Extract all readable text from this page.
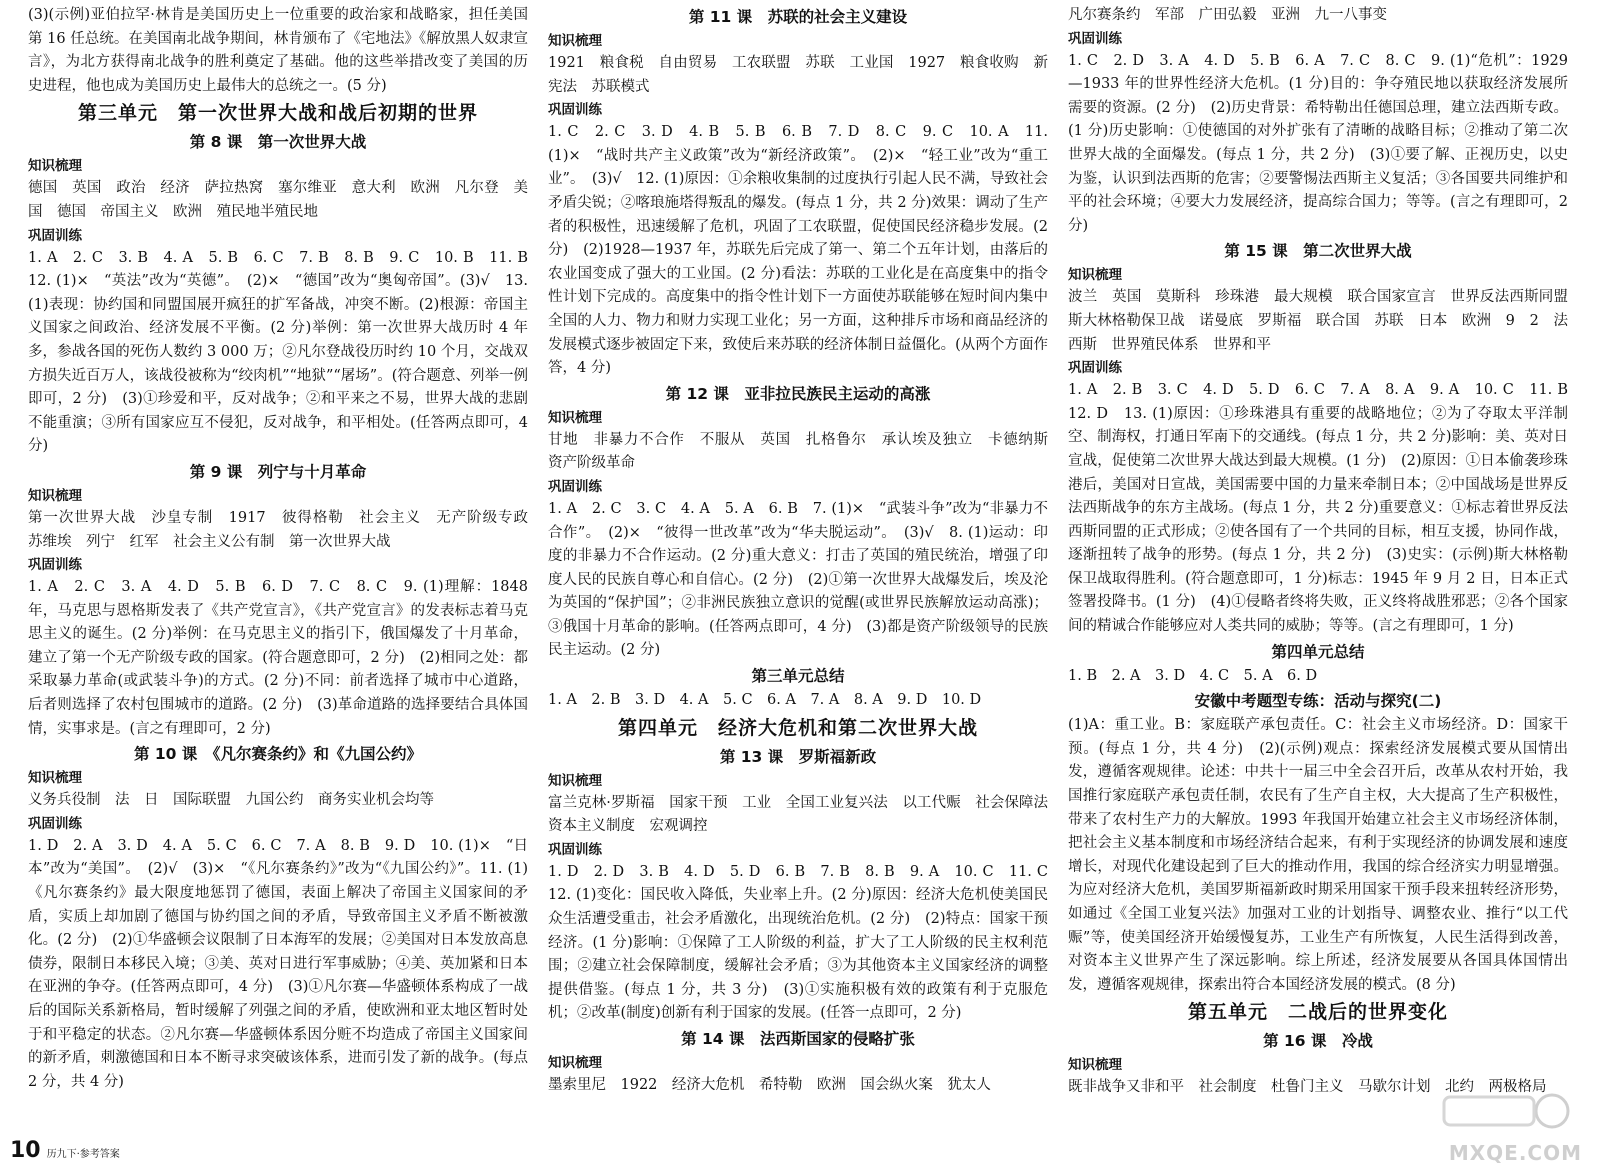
(3)(示例)亚伯拉罕·林肯是美国历史上一位重要的政治家和战略家，担任美国第 16 任总统。在美国南北战争期间，林肯颁布了《宅地法》《解放黑人奴隶宣言》，为北方获得南北战争的胜利奠定了基础。他的这些举措改变了美国的历史进程，他也成为美国历史上最伟大的总统之一。(5 分)

第三单元　第一次世界大战和战后初期的世界
第 8 课　第一次世界大战
知识梳理

德国　英国　政治　经济　萨拉热窝　塞尔维亚　意大利　欧洲　凡尔登　美国　德国　帝国主义　欧洲　殖民地半殖民地

巩固训练

1. A　2. C　3. B　4. A　5. B　6. C　7. B　8. B　9. C　10. B　11. B　12. (1)×　“英法”改为“英德”。　(2)×　“德国”改为“奥匈帝国”。(3)√　13. (1)表现：协约国和同盟国展开疯狂的扩军备战，冲突不断。(2)根源：帝国主义国家之间政治、经济发展不平衡。(2 分)举例：第一次世界大战历时 4 年多，参战各国的死伤人数约 3 000 万；②凡尔登战役历时约 10 个月，交战双方损失近百万人，该战役被称为“绞肉机”“地狱”“屠场”。(符合题意、列举一例即可，2 分)　(3)①珍爱和平，反对战争；②和平来之不易，世界大战的悲剧不能重演；③所有国家应互不侵犯，反对战争，和平相处。(任答两点即可，4 分)

第 9 课　列宁与十月革命
知识梳理

第一次世界大战　沙皇专制　1917　彼得格勒　社会主义　无产阶级专政　苏维埃　列宁　红军　社会主义公有制　第一次世界大战

巩固训练

1. A　2. C　3. A　4. D　5. B　6. D　7. C　8. C　9. (1)理解：1848 年，马克思与恩格斯发表了《共产党宣言》，《共产党宣言》的发表标志着马克思主义的诞生。(2 分)举例：在马克思主义的指引下，俄国爆发了十月革命，建立了第一个无产阶级专政的国家。(符合题意即可，2 分)　(2)相同之处：都采取暴力革命(或武装斗争)的方式。(2 分)不同：前者选择了城市中心道路，后者则选择了农村包围城市的道路。(2 分)　(3)革命道路的选择要结合具体国情，实事求是。(言之有理即可，2 分)

第 10 课　《凡尔赛条约》和《九国公约》
知识梳理

义务兵役制　法　日　国际联盟　九国公约　商务实业机会均等

巩固训练

1. D　2. A　3. D　4. A　5. C　6. C　7. A　8. B　9. D　10. (1)×　“日本”改为“美国”。　(2)√　(3)×　“《凡尔赛条约》”改为“《九国公约》”。11. (1)《凡尔赛条约》最大限度地惩罚了德国，表面上解决了帝国主义国家间的矛盾，实质上却加剧了德国与协约国之间的矛盾，导致帝国主义矛盾不断被激化。(2 分)　(2)①华盛顿会议限制了日本海军的发展；②美国对日本发放高息债券，限制日本移民入境；③美、英对日进行军事威胁；④美、英加紧和日本在亚洲的争夺。(任答两点即可，4 分)　(3)①凡尔赛—华盛顿体系构成了一战后的国际关系新格局，暂时缓解了列强之间的矛盾，使欧洲和亚太地区暂时处于和平稳定的状态。②凡尔赛—华盛顿体系因分赃不均造成了帝国主义国家间的新矛盾，刺激德国和日本不断寻求突破该体系，进而引发了新的战争。(每点 2 分，共 4 分)

第 11 课　苏联的社会主义建设
知识梳理

1921　粮食税　自由贸易　工农联盟　苏联　工业国　1927　粮食收购　新宪法　苏联模式

巩固训练

1. C　2. C　3. D　4. B　5. B　6. B　7. D　8. C　9. C　10. A　11. (1)×　“战时共产主义政策”改为“新经济政策”。　(2)×　“轻工业”改为“重工业”。　(3)√　12. (1)原因：①余粮收集制的过度执行引起人民不满，导致社会矛盾尖锐；②喀琅施塔得叛乱的爆发。(每点 1 分，共 2 分)效果：调动了生产者的积极性，迅速缓解了危机，巩固了工农联盟，促使国民经济稳步发展。(2 分)　(2)1928—1937 年，苏联先后完成了第一、第二个五年计划，由落后的农业国变成了强大的工业国。(2 分)看法：苏联的工业化是在高度集中的指令性计划下完成的。高度集中的指令性计划下一方面使苏联能够在短时间内集中全国的人力、物力和财力实现工业化；另一方面，这种排斥市场和商品经济的发展模式逐步被固定下来，致使后来苏联的经济体制日益僵化。(从两个方面作答，4 分)

第 12 课　亚非拉民族民主运动的高涨
知识梳理

甘地　非暴力不合作　不服从　英国　扎格鲁尔　承认埃及独立　卡德纳斯　资产阶级革命

巩固训练

1. A　2. C　3. C　4. A　5. A　6. B　7. (1)×　“武装斗争”改为“非暴力不合作”。　(2)×　“彼得一世改革”改为“华夫脱运动”。　(3)√　8. (1)运动：印度的非暴力不合作运动。(2 分)重大意义：打击了英国的殖民统治，增强了印度人民的民族自尊心和自信心。(2 分)　(2)①第一次世界大战爆发后，埃及沦为英国的“保护国”；②非洲民族独立意识的觉醒(或世界民族解放运动高涨)；③俄国十月革命的影响。(任答两点即可，4 分)　(3)都是资产阶级领导的民族民主运动。(2 分)

第三单元总结

1. A　2. B　3. D　4. A　5. C　6. A　7. A　8. A　9. D　10. D

第四单元　经济大危机和第二次世界大战
第 13 课　罗斯福新政
知识梳理

富兰克林·罗斯福　国家干预　工业　全国工业复兴法　以工代赈　社会保障法　资本主义制度　宏观调控

巩固训练

1. D　2. D　3. B　4. D　5. D　6. B　7. B　8. B　9. A　10. C　11. C　12. (1)变化：国民收入降低，失业率上升。(2 分)原因：经济大危机使美国民众生活遭受重击，社会矛盾激化，出现统治危机。(2 分)　(2)特点：国家干预经济。(1 分)影响：①保障了工人阶级的利益，扩大了工人阶级的民主权利范围；②建立社会保障制度，缓解社会矛盾；③为其他资本主义国家经济的调整提供借鉴。(每点 1 分，共 3 分)　(3)①实施积极有效的政策有利于克服危机；②改革(制度)创新有利于国家的发展。(任答一点即可，2 分)

第 14 课　法西斯国家的侵略扩张
知识梳理

墨索里尼　1922　经济大危机　希特勒　欧洲　国会纵火案　犹太人

凡尔赛条约　军部　广田弘毅　亚洲　九一八事变

巩固训练

1. C　2. D　3. A　4. D　5. B　6. A　7. C　8. C　9. (1)“危机”：1929—1933 年的世界性经济大危机。(1 分)目的：争夺殖民地以获取经济发展所需要的资源。(2 分)　(2)历史背景：希特勒出任德国总理，建立法西斯专政。(1 分)历史影响：①使德国的对外扩张有了清晰的战略目标；②推动了第二次世界大战的全面爆发。(每点 1 分，共 2 分)　(3)①要了解、正视历史，以史为鉴，认识到法西斯的危害；②要警惕法西斯主义复活；③各国要共同维护和平的社会环境；④要大力发展经济，提高综合国力；等等。(言之有理即可，2 分)

第 15 课　第二次世界大战
知识梳理

波兰　英国　莫斯科　珍珠港　最大规模　联合国家宣言　世界反法西斯同盟　斯大林格勒保卫战　诺曼底　罗斯福　联合国　苏联　日本　欧洲　9　2　法西斯　世界殖民体系　世界和平

巩固训练

1. A　2. B　3. C　4. D　5. D　6. C　7. A　8. A　9. A　10. C　11. B　12. D　13. (1)原因：①珍珠港具有重要的战略地位；②为了夺取太平洋制空、制海权，打通日军南下的交通线。(每点 1 分，共 2 分)影响：美、英对日宣战，促使第二次世界大战达到最大规模。(1 分)　(2)原因：①日本偷袭珍珠港后，美国对日宣战，美国需要中国的力量来牵制日本；②中国战场是世界反法西斯战争的东方主战场。(每点 1 分，共 2 分)重要意义：①标志着世界反法西斯同盟的正式形成；②使各国有了一个共同的目标，相互支援，协同作战，逐渐扭转了战争的形势。(每点 1 分，共 2 分)　(3)史实：(示例)斯大林格勒保卫战取得胜利。(符合题意即可，1 分)标志：1945 年 9 月 2 日，日本正式签署投降书。(1 分)　(4)①侵略者终将失败，正义终将战胜邪恶；②各个国家间的精诚合作能够应对人类共同的威胁；等等。(言之有理即可，1 分)

第四单元总结

1. B　2. A　3. D　4. C　5. A　6. D

安徽中考题型专练：活动与探究(二)

(1)A：重工业。B：家庭联产承包责任。C：社会主义市场经济。D：国家干预。(每点 1 分，共 4 分)　(2)(示例)观点：探索经济发展模式要从国情出发，遵循客观规律。论述：中共十一届三中全会召开后，改革从农村开始，我国推行家庭联产承包责任制，农民有了生产自主权，大大提高了生产积极性，带来了农村生产力的大解放。1993 年我国开始建立社会主义市场经济体制，把社会主义基本制度和市场经济结合起来，有利于实现经济的协调发展和速度增长，对现代化建设起到了巨大的推动作用，我国的综合经济实力明显增强。为应对经济大危机，美国罗斯福新政时期采用国家干预手段来扭转经济形势，如通过《全国工业复兴法》加强对工业的计划指导、调整农业、推行“以工代赈”等，使美国经济开始缓慢复苏，工业生产有所恢复，人民生活得到改善，对资本主义世界产生了深远影响。综上所述，经济发展要从各国具体国情出发，遵循客观规律，探索出符合本国经济发展的模式。(8 分)

第五单元　二战后的世界变化
第 16 课　冷战
知识梳理

既非战争又非和平　社会制度　杜鲁门主义　马歇尔计划　北约　两极格局

10 历九下·参考答案	MXQE.COM
